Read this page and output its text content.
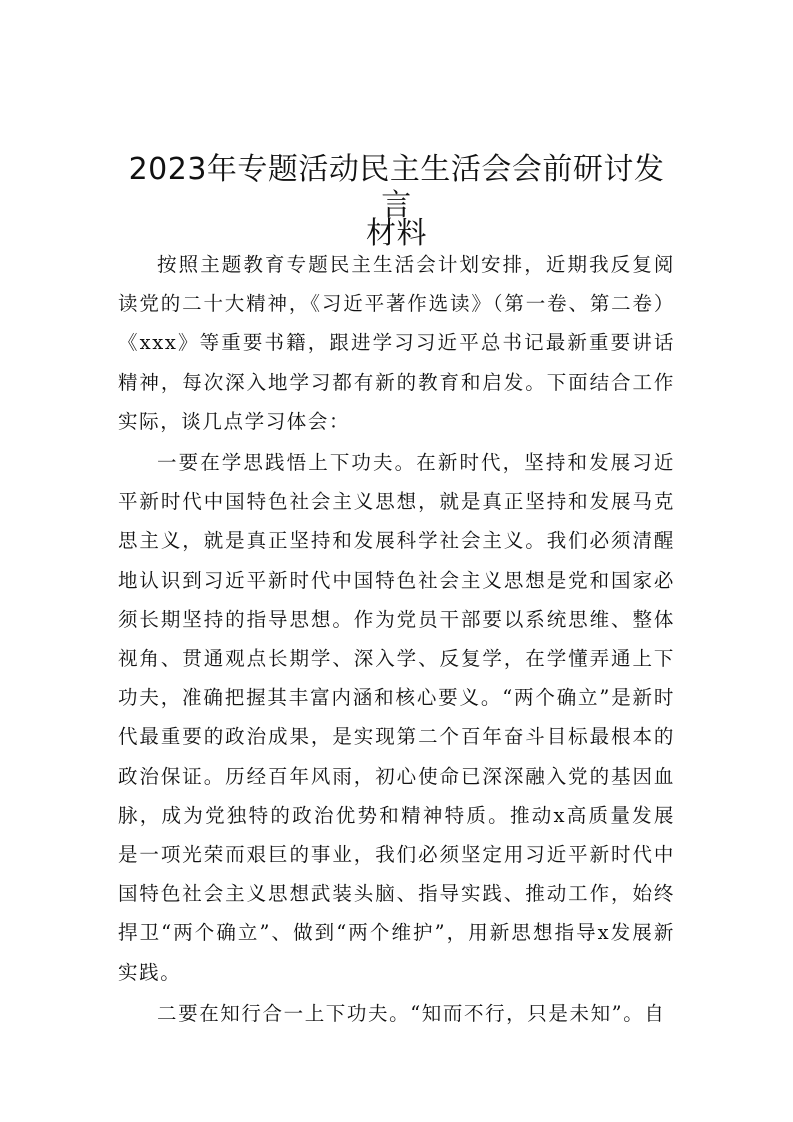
2023年专题活动民主生活会会前研讨发言
材料

按照主题教育专题民主生活会计划安排，近期我反复阅读党的二十大精神，《习近平著作选读》（第一卷、第二卷）《xxx》等重要书籍，跟进学习习近平总书记最新重要讲话精神，每次深入地学习都有新的教育和启发。下面结合工作实际，谈几点学习体会：

一要在学思践悟上下功夫。在新时代，坚持和发展习近平新时代中国特色社会主义思想，就是真正坚持和发展马克思主义，就是真正坚持和发展科学社会主义。我们必须清醒地认识到习近平新时代中国特色社会主义思想是党和国家必须长期坚持的指导思想。作为党员干部要以系统思维、整体视角、贯通观点长期学、深入学、反复学，在学懂弄通上下功夫，准确把握其丰富内涵和核心要义。“两个确立”是新时代最重要的政治成果，是实现第二个百年奋斗目标最根本的政治保证。历经百年风雨，初心使命已深深融入党的基因血脉，成为党独特的政治优势和精神特质。推动x高质量发展是一项光荣而艰巨的事业，我们必须坚定用习近平新时代中国特色社会主义思想武装头脑、指导实践、推动工作，始终捍卫“两个确立”、做到“两个维护”，用新思想指导x发展新实践。

二要在知行合一上下功夫。“知而不行，只是未知”。自
